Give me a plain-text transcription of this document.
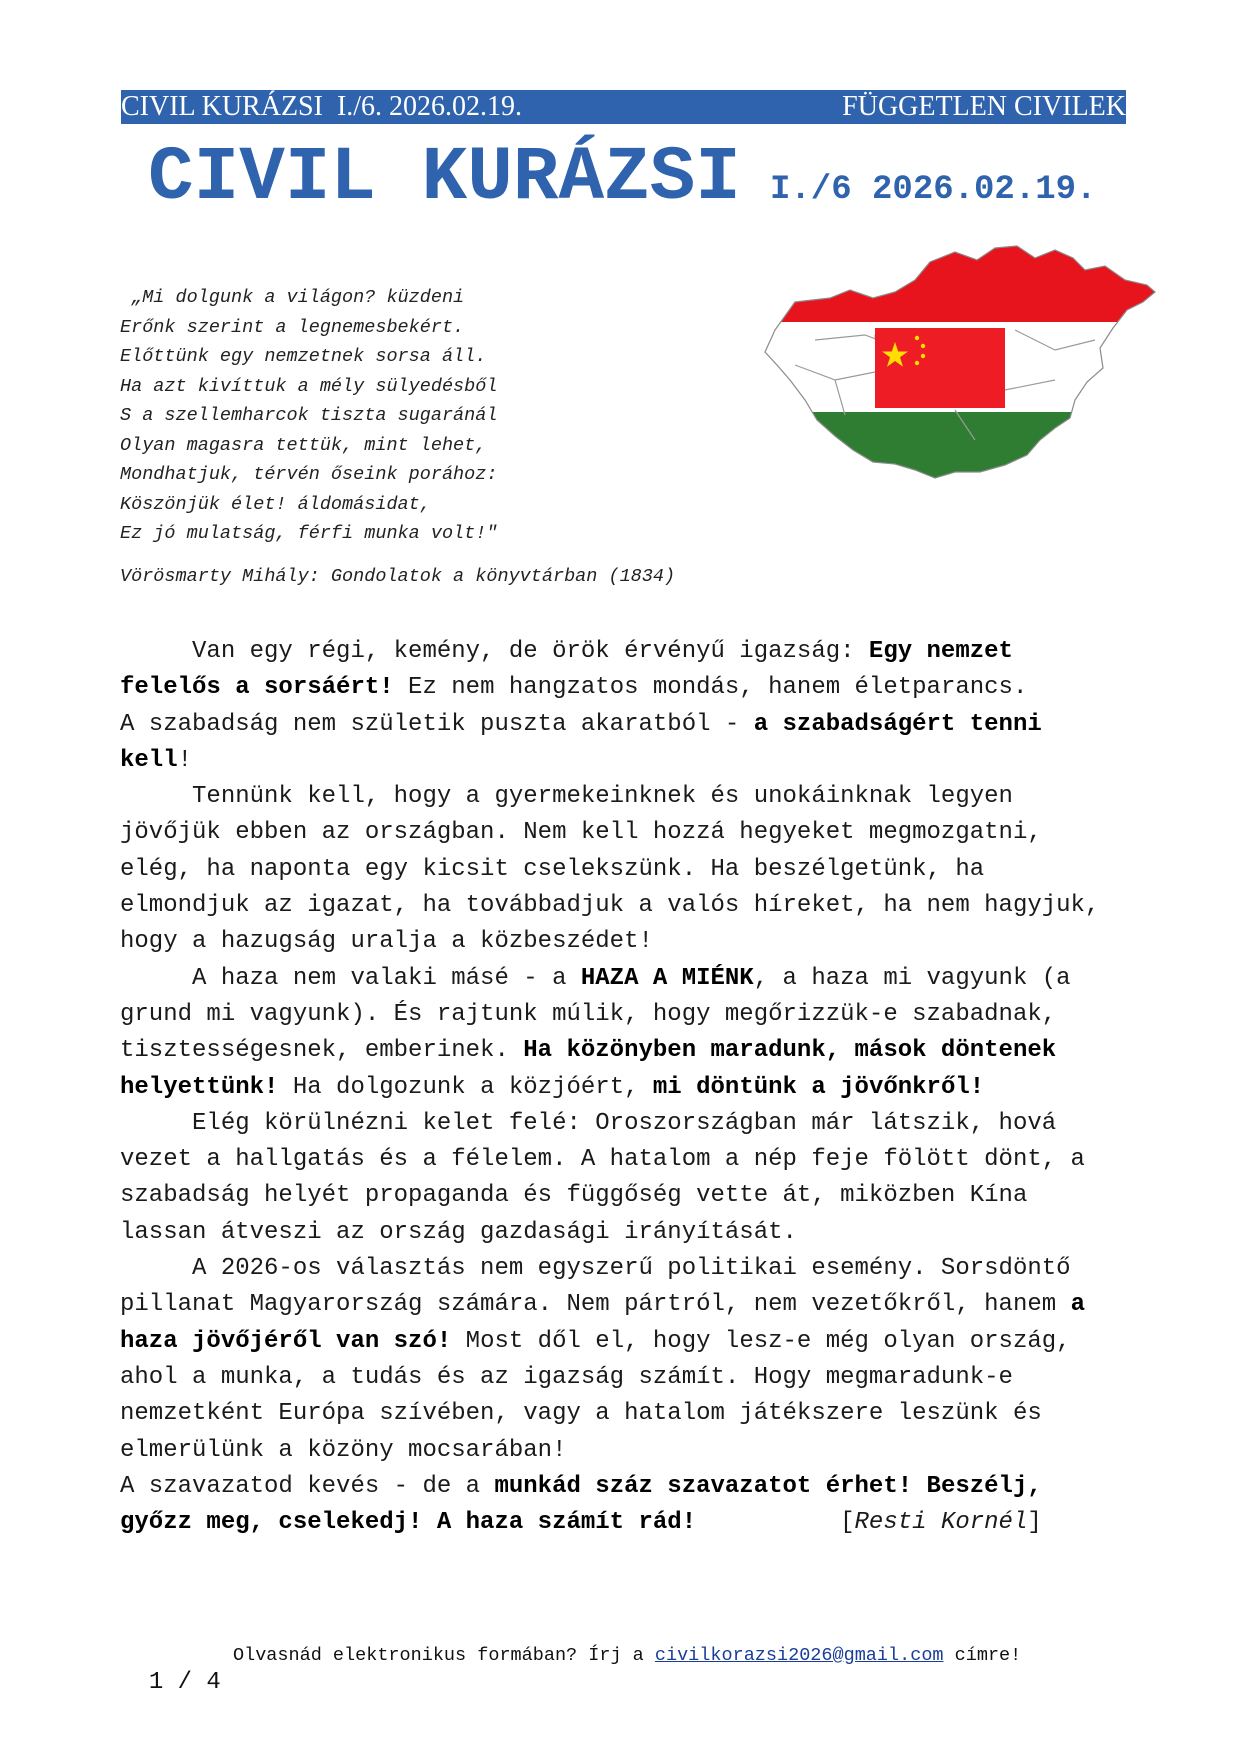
CIVIL KURÁZSI  I./6. 2026.02.19.	FÜGGETLEN CIVILEK
CIVIL KURÁZSI I./6 2026.02.19.
„Mi dolgunk a világon? küzdeni
Erőnk szerint a legnemesbekért.
Előttünk egy nemzetnek sorsa áll.
Ha azt kivíttuk a mély sülyedésből
S a szellemharcok tiszta sugaránál
Olyan magasra tettük, mint lehet,
Mondhatjuk, térvén őseink porához:
Köszönjük élet! áldomásidat,
Ez jó mulatság, férfi munka volt!"
Vörösmarty Mihály: Gondolatok a könyvtárban (1834)
Van egy régi, kemény, de örök érvényű igazság: Egy nemzet
felelős a sorsáért! Ez nem hangzatos mondás, hanem életparancs.
A szabadság nem születik puszta akaratból - a szabadságért tenni
kell!
Tennünk kell, hogy a gyermekeinknek és unokáinknak legyen
jövőjük ebben az országban. Nem kell hozzá hegyeket megmozgatni,
elég, ha naponta egy kicsit cselekszünk. Ha beszélgetünk, ha
elmondjuk az igazat, ha továbbadjuk a valós híreket, ha nem hagyjuk,
hogy a hazugság uralja a közbeszédet!
A haza nem valaki másé - a HAZA A MIÉNK, a haza mi vagyunk (a
grund mi vagyunk). És rajtunk múlik, hogy megőrizzük-e szabadnak,
tisztességesnek, emberinek. Ha közönyben maradunk, mások döntenek
helyettünk! Ha dolgozunk a közjóért, mi döntünk a jövőnkről!
Elég körülnézni kelet felé: Oroszországban már látszik, hová
vezet a hallgatás és a félelem. A hatalom a nép feje fölött dönt, a
szabadság helyét propaganda és függőség vette át, miközben Kína
lassan átveszi az ország gazdasági irányítását.
A 2026-os választás nem egyszerű politikai esemény. Sorsdöntő
pillanat Magyarország számára. Nem pártról, nem vezetőkről, hanem a
haza jövőjéről van szó! Most dől el, hogy lesz-e még olyan ország,
ahol a munka, a tudás és az igazság számít. Hogy megmaradunk-e
nemzetként Európa szívében, vagy a hatalom játékszere leszünk és
elmerülünk a közöny mocsarában!
A szavazatod kevés - de a munkád száz szavazatot érhet! Beszélj,
győzz meg, cselekedj! A haza számít rád!	[Resti Kornél]

1 / 4

Olvasnád elektronikus formában? Írj a civilkorazsi2026@gmail.com címre!
